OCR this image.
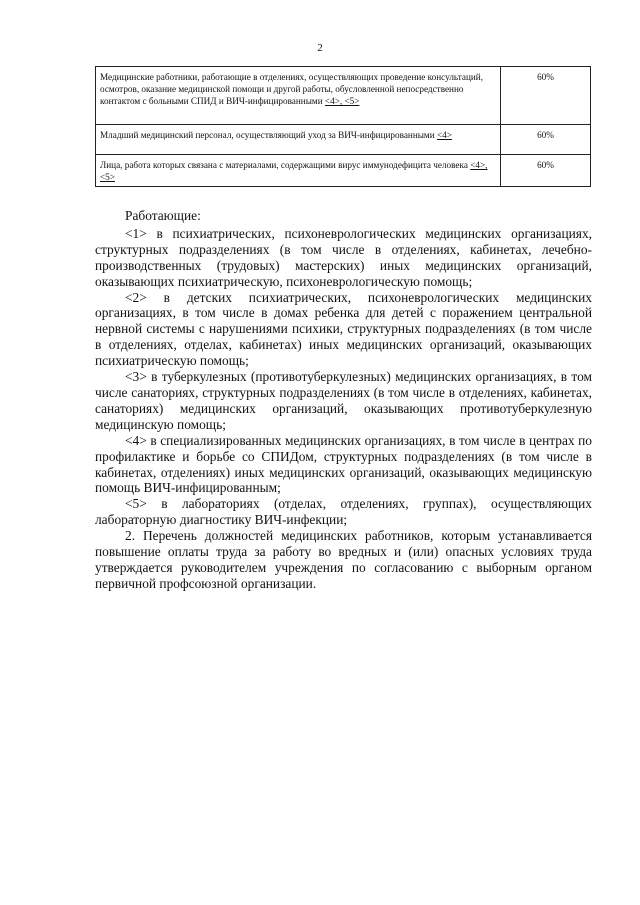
2
Медицинские работники, работающие в отделениях, осуществляющих проведение консультаций, осмотров, оказание медицинской помощи и другой работы, обусловленной непосредственно контактом с больными СПИД и ВИЧ-инфицированными <4>, <5>	60%
Младший медицинский персонал, осуществляющий уход за ВИЧ-инфицированными <4>	60%
Лица, работа которых связана с материалами, содержащими вирус иммунодефицита человека <4>, <5>	60%

Работающие:

<1> в психиатрических, психоневрологических медицинских организациях, структурных подразделениях (в том числе в отделениях, кабинетах, лечебно-производственных (трудовых) мастерских) иных медицинских организаций, оказывающих психиатрическую, психоневрологическую помощь;

<2> в детских психиатрических, психоневрологических медицинских организациях, в том числе в домах ребенка для детей с поражением центральной нервной системы с нарушениями психики, структурных подразделениях (в том числе в отделениях, отделах, кабинетах) иных медицинских организаций, оказывающих психиатрическую помощь;

<3> в туберкулезных (противотуберкулезных) медицинских организациях, в том числе санаториях, структурных подразделениях (в том числе в отделениях, кабинетах, санаториях) медицинских организаций, оказывающих противотуберкулезную медицинскую помощь;

<4> в специализированных медицинских организациях, в том числе в центрах по профилактике и борьбе со СПИДом, структурных подразделениях (в том числе в кабинетах, отделениях) иных медицинских организаций, оказывающих медицинскую помощь ВИЧ-инфицированным;

<5> в лабораториях (отделах, отделениях, группах), осуществляющих лабораторную диагностику ВИЧ-инфекции;

2. Перечень должностей медицинских работников, которым устанавливается повышение оплаты труда за работу во вредных и (или) опасных условиях труда утверждается руководителем учреждения по согласованию с выборным органом первичной профсоюзной организации.
